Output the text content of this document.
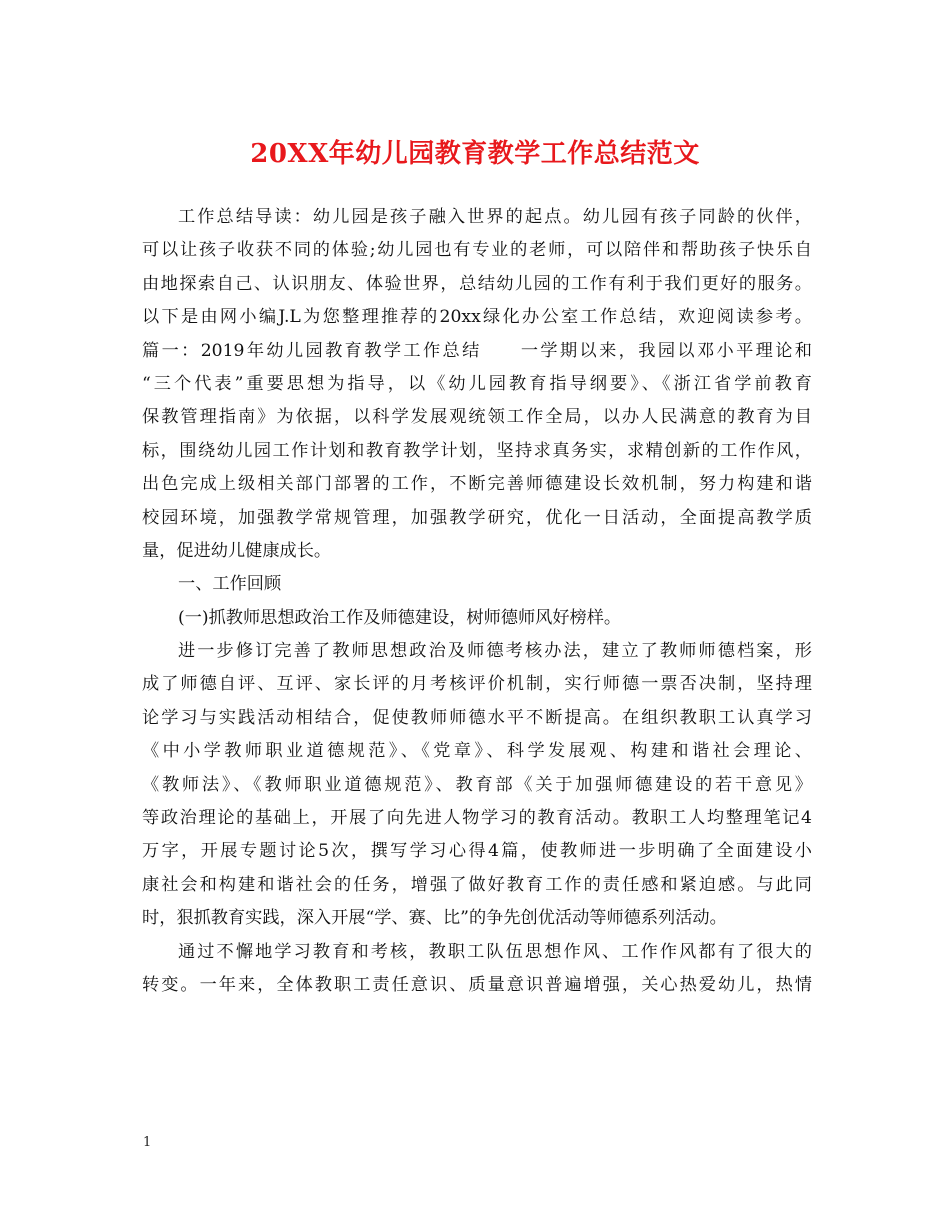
20XX年幼儿园教育教学工作总结范文
工作总结导读：幼儿园是孩子融入世界的起点。幼儿园有孩子同龄的伙伴，
可以让孩子收获不同的体验;幼儿园也有专业的老师，可以陪伴和帮助孩子快乐自
由地探索自己、认识朋友、体验世界，总结幼儿园的工作有利于我们更好的服务。
以下是由网小编J.L为您整理推荐的20xx绿化办公室工作总结，欢迎阅读参考。
篇一：2019年幼儿园教育教学工作总结　　一学期以来，我园以邓小平理论和
“三个代表”重要思想为指导，以《幼儿园教育指导纲要》、《浙江省学前教育
保教管理指南》为依据，以科学发展观统领工作全局，以办人民满意的教育为目
标，围绕幼儿园工作计划和教育教学计划，坚持求真务实，求精创新的工作作风，
出色完成上级相关部门部署的工作，不断完善师德建设长效机制，努力构建和谐
校园环境，加强教学常规管理，加强教学研究，优化一日活动，全面提高教学质
量，促进幼儿健康成长。
一、工作回顾
(一)抓教师思想政治工作及师德建设，树师德师风好榜样。
进一步修订完善了教师思想政治及师德考核办法，建立了教师师德档案，形
成了师德自评、互评、家长评的月考核评价机制，实行师德一票否决制，坚持理
论学习与实践活动相结合，促使教师师德水平不断提高。在组织教职工认真学习
《中小学教师职业道德规范》、《党章》、科学发展观、构建和谐社会理论、
《教师法》、《教师职业道德规范》、教育部《关于加强师德建设的若干意见》
等政治理论的基础上，开展了向先进人物学习的教育活动。教职工人均整理笔记4
万字，开展专题讨论5次，撰写学习心得4篇，使教师进一步明确了全面建设小
康社会和构建和谐社会的任务，增强了做好教育工作的责任感和紧迫感。与此同
时，狠抓教育实践，深入开展“学、赛、比”的争先创优活动等师德系列活动。
通过不懈地学习教育和考核，教职工队伍思想作风、工作作风都有了很大的
转变。一年来，全体教职工责任意识、质量意识普遍增强，关心热爱幼儿，热情
1
